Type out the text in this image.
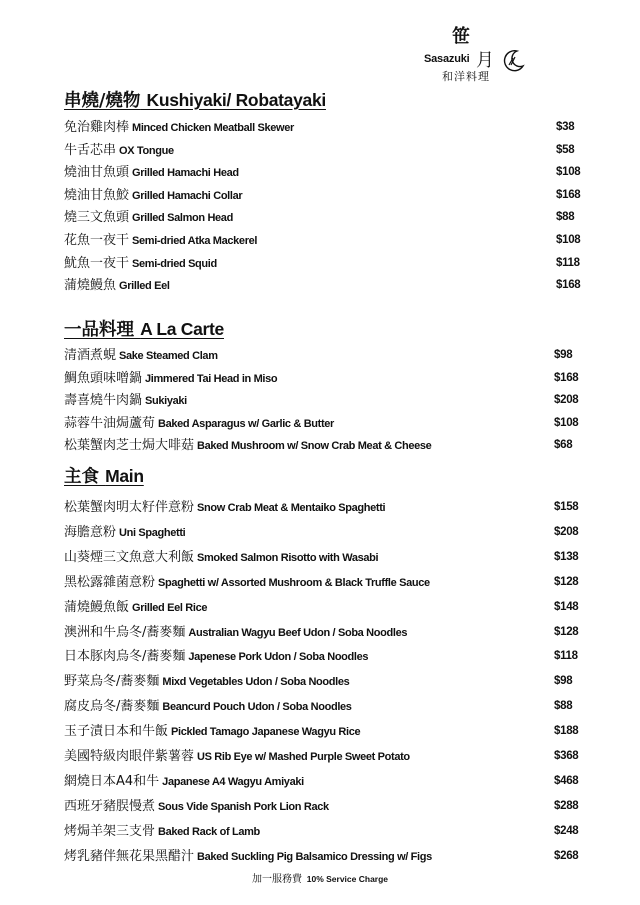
笹
Sasazuki 月
和洋料理
串燒/燒物 Kushiyaki/ Robatayaki
免治雞肉棒 Minced Chicken Meatball Skewer	$38
牛舌芯串 OX Tongue	$58
燒油甘魚頭 Grilled Hamachi Head	$108
燒油甘魚鮫 Grilled Hamachi Collar	$168
燒三文魚頭 Grilled Salmon Head	$88
花魚一夜干 Semi-dried Atka Mackerel	$108
魷魚一夜干 Semi-dried Squid	$118
蒲燒鰻魚 Grilled Eel	$168
一品料理 A La Carte
清酒煮蜆 Sake Steamed Clam	$98
鯛魚頭味噌鍋 Jimmered Tai Head in Miso	$168
壽喜燒牛肉鍋 Sukiyaki	$208
蒜蓉牛油焗蘆荀 Baked Asparagus w/ Garlic & Butter	$108
松葉蟹肉芝士焗大啡菇 Baked Mushroom w/ Snow Crab Meat & Cheese	$68
主食 Main
松葉蟹肉明太籽伴意粉 Snow Crab Meat & Mentaiko Spaghetti	$158
海膽意粉 Uni Spaghetti	$208
山葵煙三文魚意大利飯 Smoked Salmon Risotto with Wasabi	$138
黑松露雜菌意粉 Spaghetti w/ Assorted Mushroom & Black Truffle Sauce	$128
蒲燒鰻魚飯 Grilled Eel Rice	$148
澳洲和牛烏冬/蕎麥麵 Australian Wagyu Beef Udon / Soba Noodles	$128
日本豚肉烏冬/蕎麥麵 Japenese Pork Udon / Soba Noodles	$118
野菜烏冬/蕎麥麵 Mixd Vegetables Udon / Soba Noodles	$98
腐皮烏冬/蕎麥麵 Beancurd Pouch Udon / Soba Noodles	$88
玉子漬日本和牛飯 Pickled Tamago Japanese Wagyu Rice	$188
美國特級肉眼伴紫薯蓉 US Rib Eye w/ Mashed Purple Sweet Potato	$368
網燒日本A4和牛 Japanese A4 Wagyu Amiyaki	$468
西班牙豬脵慢煮 Sous Vide Spanish Pork Lion Rack	$288
烤焗羊架三支骨 Baked Rack of Lamb	$248
烤乳豬伴無花果黑醋汁 Baked Suckling Pig Balsamico Dressing w/ Figs	$268
加一服務費 10% Service Charge
